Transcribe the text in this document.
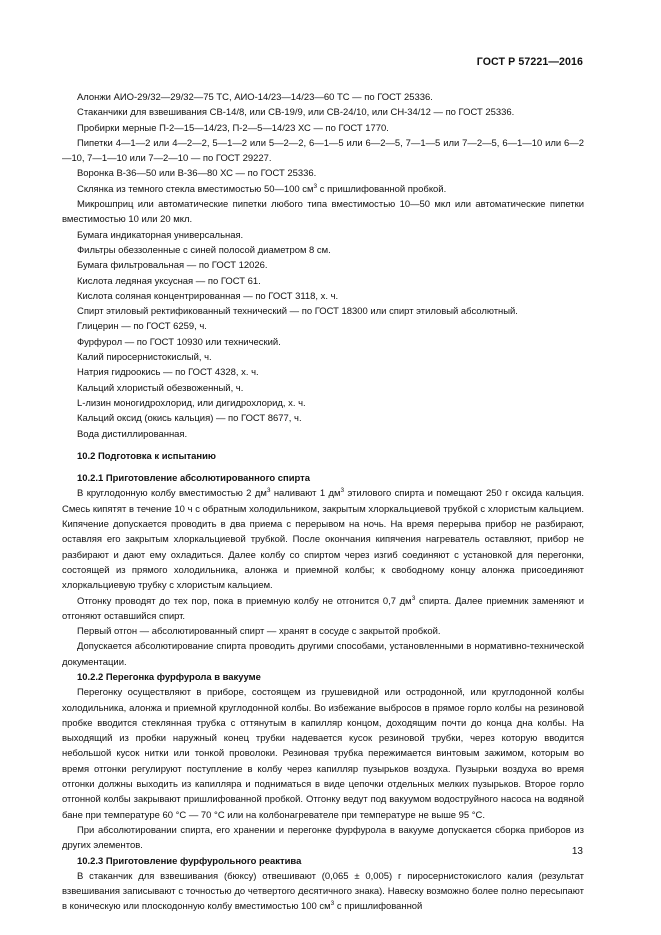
ГОСТ Р 57221—2016

Алонжи АИО-29/32—29/32—75 ТС, АИО-14/23—14/23—60 ТС — по ГОСТ 25336.

Стаканчики для взвешивания СВ-14/8, или СВ-19/9, или СВ-24/10, или СН-34/12 — по ГОСТ 25336.

Пробирки мерные П-2—15—14/23, П-2—5—14/23 ХС — по ГОСТ 1770.

Пипетки 4—1—2 или 4—2—2, 5—1—2 или 5—2—2, 6—1—5 или 6—2—5, 7—1—5 или 7—2—5, 6—1—10 или 6—2—10, 7—1—10 или 7—2—10 — по ГОСТ 29227.

Воронка В-36—50 или В-36—80 ХС — по ГОСТ 25336.

Склянка из темного стекла вместимостью 50—100 $см^3$ с пришлифованной пробкой.

Микрошприц или автоматические пипетки любого типа вместимостью 10—50 мкл или автоматические пипетки вместимостью 10 или 20 мкл.

Бумага индикаторная универсальная.

Фильтры обеззоленные с синей полосой диаметром 8 см.

Бумага фильтровальная — по ГОСТ 12026.

Кислота ледяная уксусная — по ГОСТ 61.

Кислота соляная концентрированная — по ГОСТ 3118, х. ч.

Спирт этиловый ректификованный технический — по ГОСТ 18300 или спирт этиловый абсолютный.

Глицерин — по ГОСТ 6259, ч.

Фурфурол — по ГОСТ 10930 или технический.

Калий пиросернистокислый, ч.

Натрия гидроокись — по ГОСТ 4328, х. ч.

Кальций хлористый обезвоженный, ч.

L-лизин моногидрохлорид, или дигидрохлорид, х. ч.

Кальций оксид (окись кальция) — по ГОСТ 8677, ч.

Вода дистиллированная.

10.2 Подготовка к испытанию

10.2.1 Приготовление абсолютированного спирта

В круглодонную колбу вместимостью 2 $дм^3$ наливают 1 $дм^3$ этилового спирта и помещают 250 г оксида кальция. Смесь кипятят в течение 10 ч с обратным холодильником, закрытым хлоркальциевой трубкой с хлористым кальцием. Кипячение допускается проводить в два приема с перерывом на ночь. На время перерыва прибор не разбирают, оставляя его закрытым хлоркальциевой трубкой. После окончания кипячения нагреватель оставляют, прибор не разбирают и дают ему охладиться. Далее колбу со спиртом через изгиб соединяют с установкой для перегонки, состоящей из прямого холодильника, алонжа и приемной колбы; к свободному концу алонжа присоединяют хлоркальциевую трубку с хлористым кальцием.

Отгонку проводят до тех пор, пока в приемную колбу не отгонится 0,7 $дм^3$ спирта. Далее приемник заменяют и отгоняют оставшийся спирт.

Первый отгон — абсолютированный спирт — хранят в сосуде с закрытой пробкой.

Допускается абсолютирование спирта проводить другими способами, установленными в нормативно-технической документации.

10.2.2 Перегонка фурфурола в вакууме

Перегонку осуществляют в приборе, состоящем из грушевидной или остродонной, или круглодонной колбы холодильника, алонжа и приемной круглодонной колбы. Во избежание выбросов в прямое горло колбы на резиновой пробке вводится стеклянная трубка с оттянутым в капилляр концом, доходящим почти до конца дна колбы. На выходящий из пробки наружный конец трубки надевается кусок резиновой трубки, через которую вводится небольшой кусок нитки или тонкой проволоки. Резиновая трубка пережимается винтовым зажимом, которым во время отгонки регулируют поступление в колбу через капилляр пузырьков воздуха. Пузырьки воздуха во время отгонки должны выходить из капилляра и подниматься в виде цепочки отдельных мелких пузырьков. Второе горло отгонной колбы закрывают пришлифованной пробкой. Отгонку ведут под вакуумом водоструйного насоса на водяной бане при температуре 60 °С — 70 °С или на колбонагревателе при температуре не выше 95 °С.

При абсолютировании спирта, его хранении и перегонке фурфурола в вакууме допускается сборка приборов из других элементов.

10.2.3 Приготовление фурфурольного реактива

В стаканчик для взвешивания (бюксу) отвешивают (0,065 ± 0,005) г пиросернистокислого калия (результат взвешивания записывают с точностью до четвертого десятичного знака). Навеску возможно более полно пересыпают в коническую или плоскодонную колбу вместимостью 100 $см^3$ с пришлифованной

13
